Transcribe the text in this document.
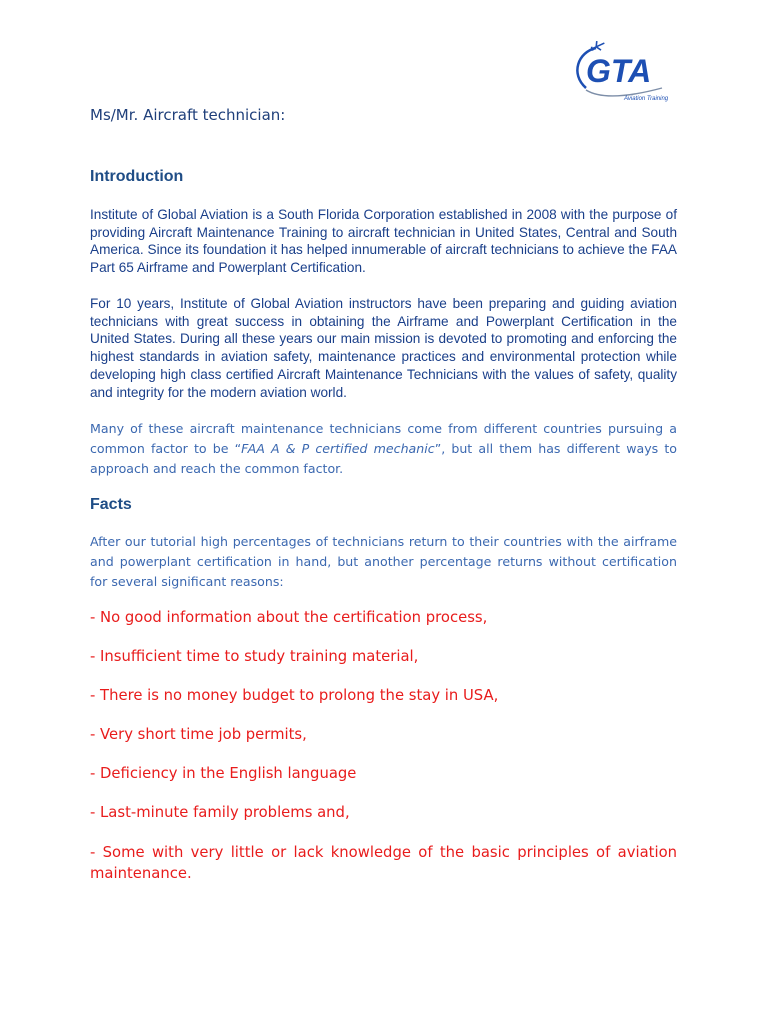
GTA
Aviation Training
Ms/Mr. Aircraft technician:
Introduction

Institute of Global Aviation is a South Florida Corporation established in 2008 with the purpose of providing Aircraft Maintenance Training to aircraft technician in United States, Central and South America. Since its foundation it has helped innumerable of aircraft technicians to achieve the FAA Part 65 Airframe and Powerplant Certification.

For 10 years, Institute of Global Aviation instructors have been preparing and guiding aviation technicians with great success in obtaining the Airframe and Powerplant Certification in the United States. During all these years our main mission is devoted to promoting and enforcing the highest standards in aviation safety, maintenance practices and environmental protection while developing high class certified Aircraft Maintenance Technicians with the values of safety, quality and integrity for the modern aviation world.

Many of these aircraft maintenance technicians come from different countries pursuing a common factor to be “FAA A & P certified mechanic”, but all them has different ways to approach and reach the common factor.

Facts

After our tutorial high percentages of technicians return to their countries with the airframe and powerplant certification in hand, but another percentage returns without certification for several significant reasons:

- No good information about the certification process,

- Insufficient time to study training material,

- There is no money budget to prolong the stay in USA,

- Very short time job permits,

- Deficiency in the English language

- Last-minute family problems and,

- Some with very little or lack knowledge of the basic principles of aviation maintenance.
